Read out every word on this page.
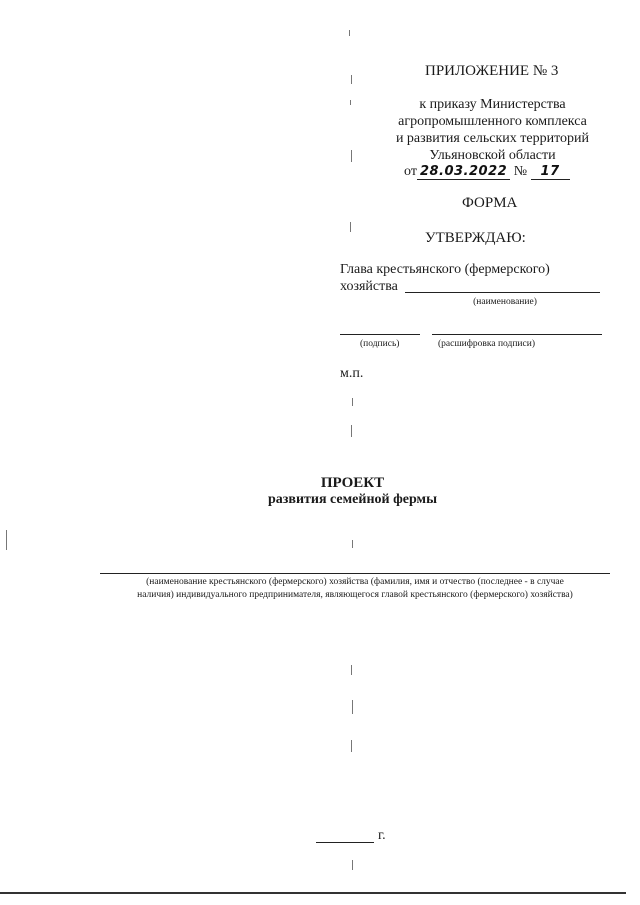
ПРИЛОЖЕНИЕ № 3
к приказу Министерства
агропромышленного комплекса
и развития сельских территорий
Ульяновской области
от 28.03.2022 № 17
ФОРМА
УТВЕРЖДАЮ:
Глава крестьянского (фермерского)
хозяйства
(наименование)
(подпись)	(расшифровка подписи)
м.п.
ПРОЕКТ
развития семейной фермы
(наименование крестьянского (фермерского) хозяйства (фамилия, имя и отчество (последнее - в случае
наличия) индивидуального предпринимателя, являющегося главой крестьянского (фермерского) хозяйства)
г.
